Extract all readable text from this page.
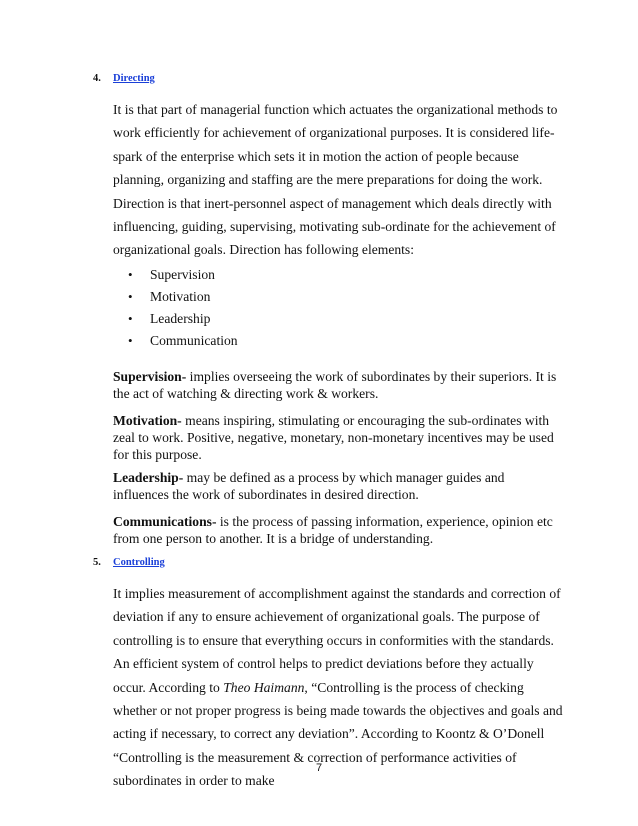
4. Directing
It is that part of managerial function which actuates the organizational methods to work efficiently for achievement of organizational purposes. It is considered life-spark of the enterprise which sets it in motion the action of people because planning, organizing and staffing are the mere preparations for doing the work. Direction is that inert-personnel aspect of management which deals directly with influencing, guiding, supervising, motivating sub-ordinate for the achievement of organizational goals. Direction has following elements:
• Supervision
• Motivation
• Leadership
• Communication
Supervision- implies overseeing the work of subordinates by their superiors. It is the act of watching & directing work & workers.
Motivation- means inspiring, stimulating or encouraging the sub-ordinates with zeal to work. Positive, negative, monetary, non-monetary incentives may be used for this purpose.
Leadership- may be defined as a process by which manager guides and influences the work of subordinates in desired direction.
Communications- is the process of passing information, experience, opinion etc from one person to another. It is a bridge of understanding.
5. Controlling
It implies measurement of accomplishment against the standards and correction of deviation if any to ensure achievement of organizational goals. The purpose of controlling is to ensure that everything occurs in conformities with the standards. An efficient system of control helps to predict deviations before they actually occur. According to Theo Haimann, “Controlling is the process of checking whether or not proper progress is being made towards the objectives and goals and acting if necessary, to correct any deviation”. According to Koontz & O’Donell “Controlling is the measurement & correction of performance activities of subordinates in order to make
7
